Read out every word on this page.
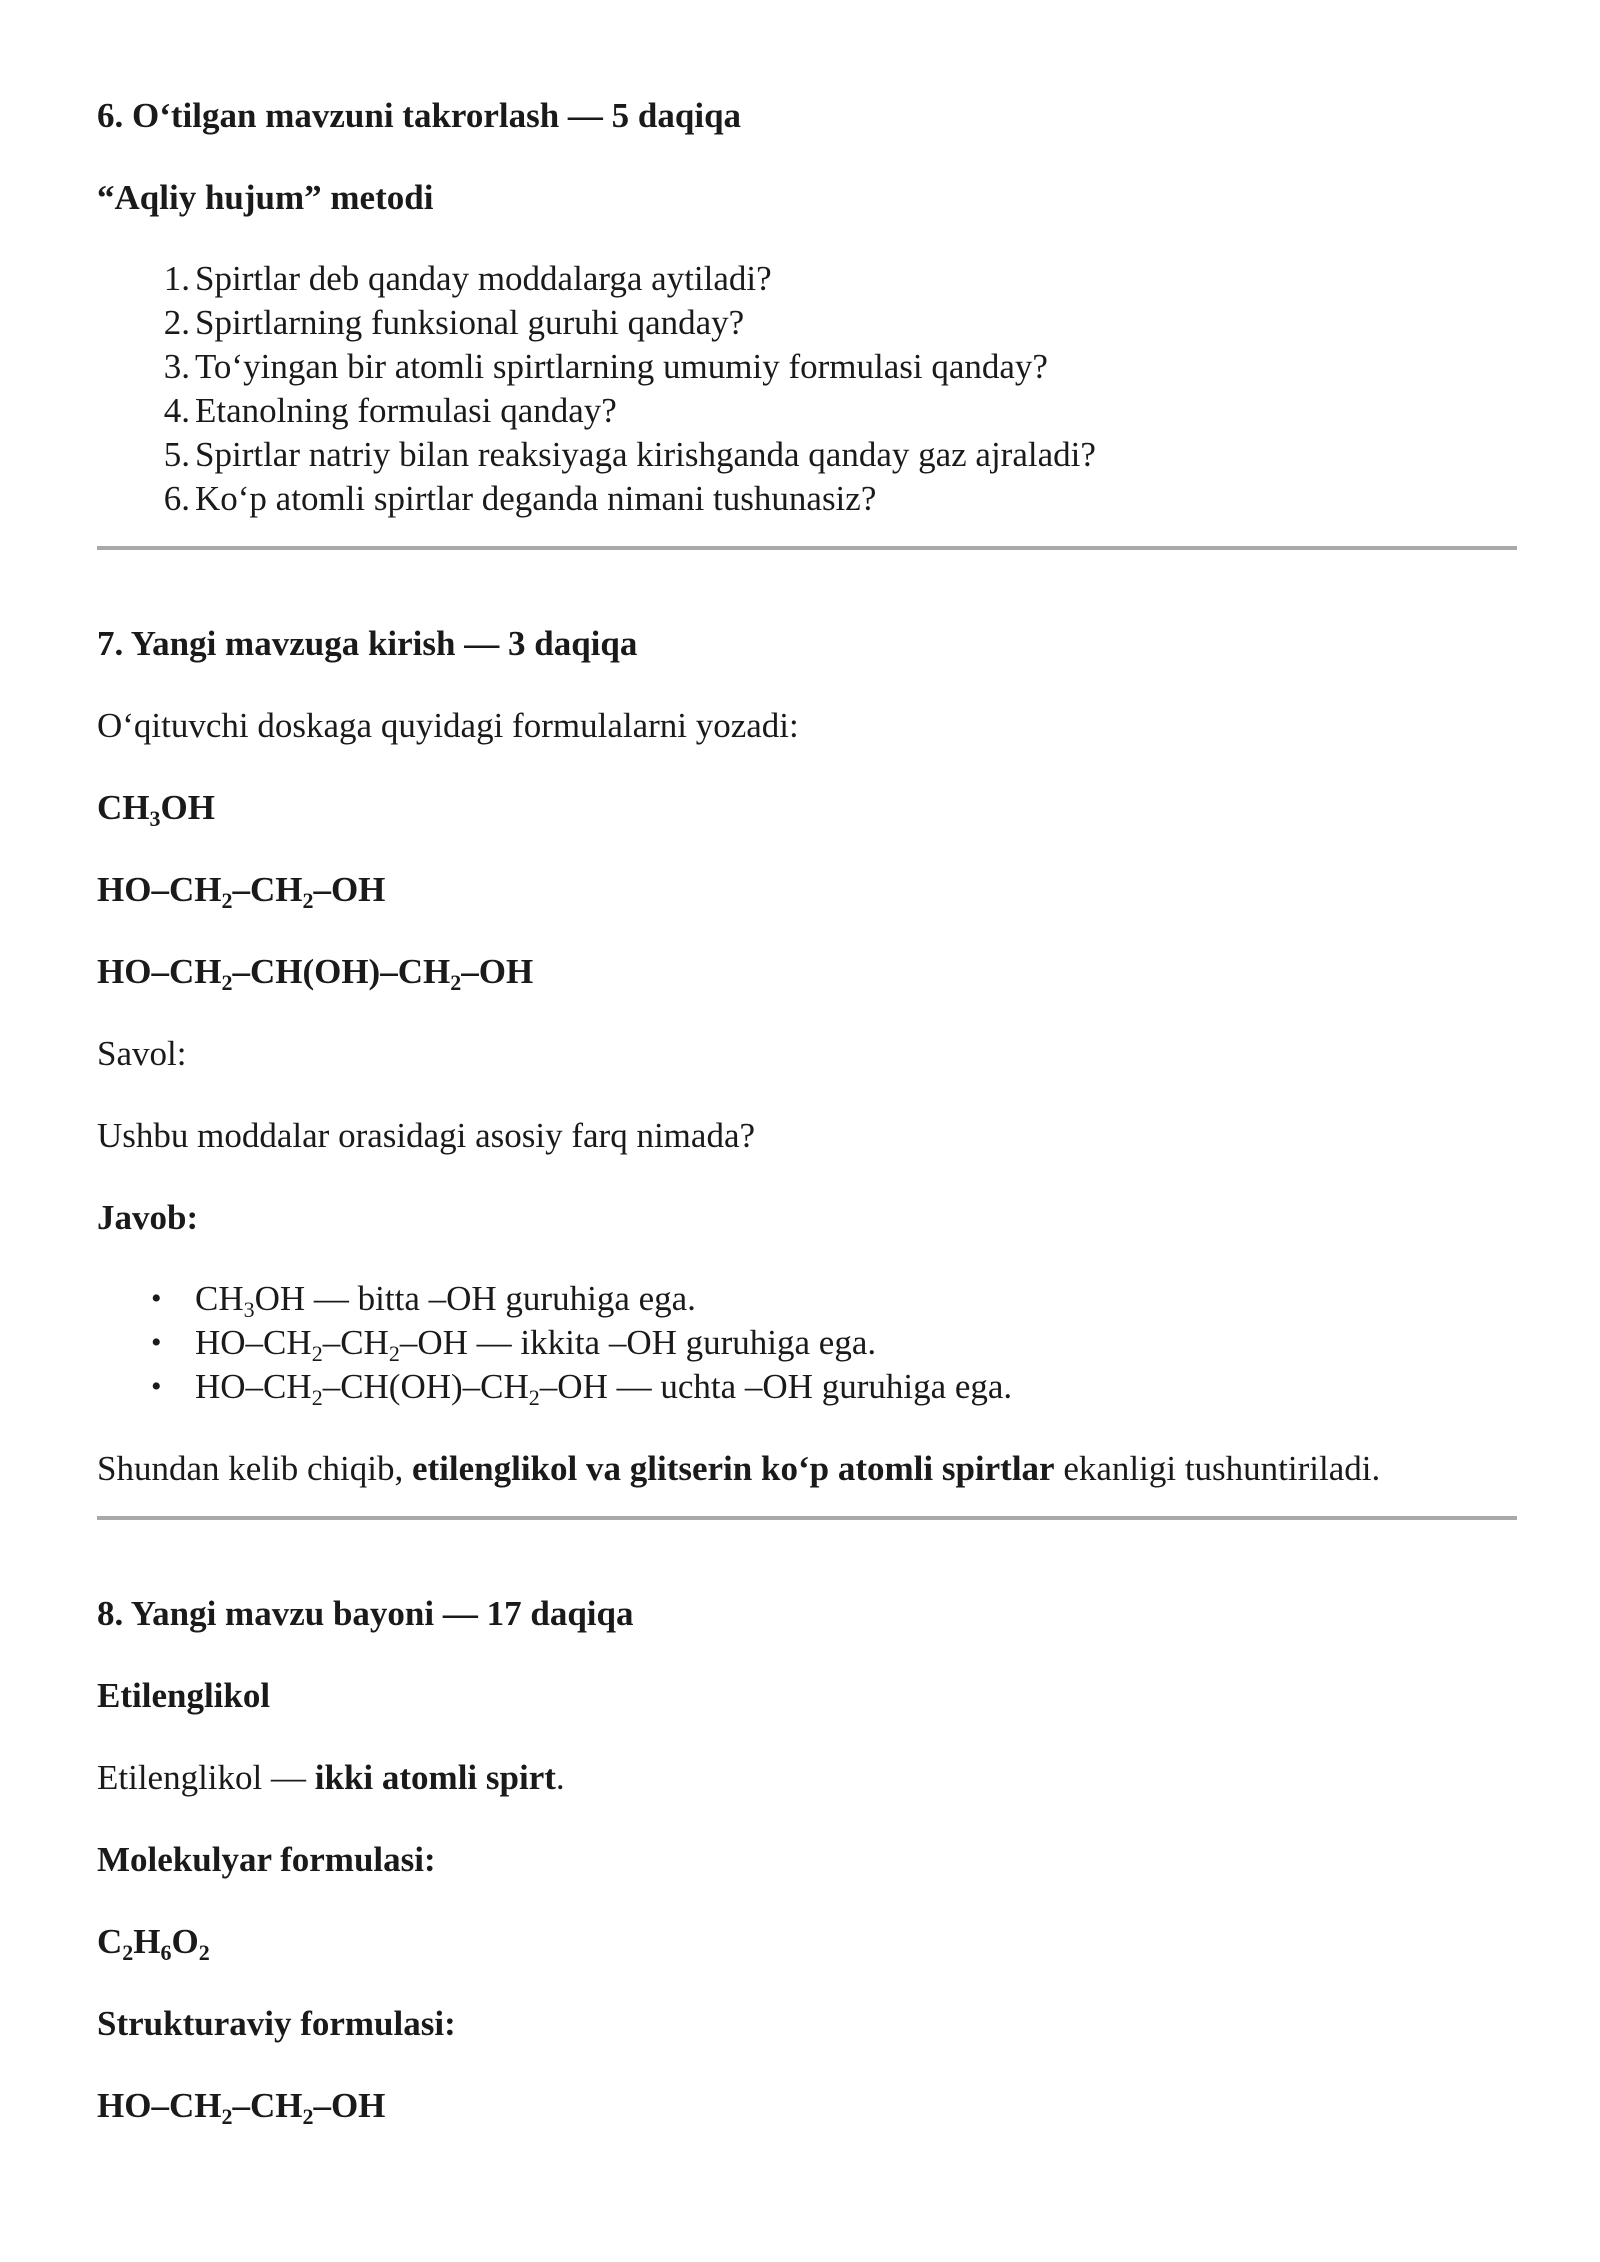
6. O‘tilgan mavzuni takrorlash — 5 daqiqa

“Aqliy hujum” metodi

1. Spirtlar deb qanday moddalarga aytiladi?
2. Spirtlarning funksional guruhi qanday?
3. To‘yingan bir atomli spirtlarning umumiy formulasi qanday?
4. Etanolning formulasi qanday?
5. Spirtlar natriy bilan reaksiyaga kirishganda qanday gaz ajraladi?
6. Ko‘p atomli spirtlar deganda nimani tushunasiz?

7. Yangi mavzuga kirish — 3 daqiqa

O‘qituvchi doskaga quyidagi formulalarni yozadi:

$CH_3OH$

$HO-CH_2-CH_2-OH$

$HO-CH_2-CH(OH)-CH_2-OH$

Savol:

Ushbu moddalar orasidagi asosiy farq nimada?

Javob:

• $CH_3OH$ — bitta –OH guruhiga ega.
• $HO-CH_2-CH_2-OH$ — ikkita –OH guruhiga ega.
• $HO-CH_2-CH(OH)-CH_2-OH$ — uchta –OH guruhiga ega.

Shundan kelib chiqib, etilenglikol va glitserin ko‘p atomli spirtlar ekanligi tushuntiriladi.

8. Yangi mavzu bayoni — 17 daqiqa

Etilenglikol

Etilenglikol — ikki atomli spirt.

Molekulyar formulasi:

$C_2H_6O_2$

Strukturaviy formulasi:

$HO-CH_2-CH_2-OH$
